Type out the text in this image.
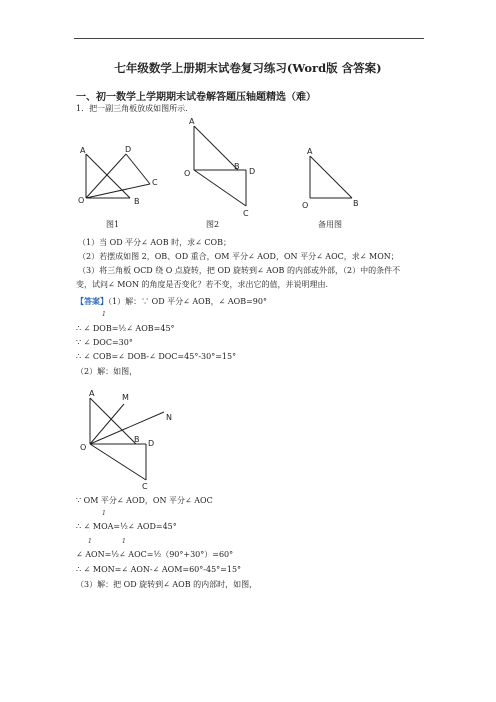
七年级数学上册期末试卷复习练习(Word版 含答案)
一、初一数学上学期期末试卷解答题压轴题精选（难）
1．把一副三角板放成如图所示.
A	D
C
O	B
图1
A
B
D
O
C
图2
A
O	B
备用图
（1）当 OD 平分∠ AOB 时，求∠ COB；
（2）若摆成如图 2，OB、OD 重合，OM 平分∠ AOD，ON 平分∠ AOC，求∠ MON；
（3）将三角板 OCD 绕 O 点旋转，把 OD 旋转到∠ AOB 的内部或外部，（2）中的条件不
变，试问∠ MON 的角度是否变化？若不变，求出它的值，并说明理由.
【答案】（1）解：∵ OD 平分∠ AOB，∠ AOB=90°
1
∴ ∠ DOB=½∠ AOB=45°
∵ ∠ DOC=30°
∴ ∠ COB=∠ DOB-∠ DOC=45°-30°=15°
（2）解：如图，
A	M
N
B D
O
C
∵ OM 平分∠ AOD，ON 平分∠ AOC
1
∴ ∠ MOA=½∠ AOD=45°
1	1
∠ AON=½∠ AOC=½（90°+30°）=60°
∴ ∠ MON=∠ AON-∠ AOM=60°-45°=15°
（3）解：把 OD 旋转到∠ AOB 的内部时，如图，
